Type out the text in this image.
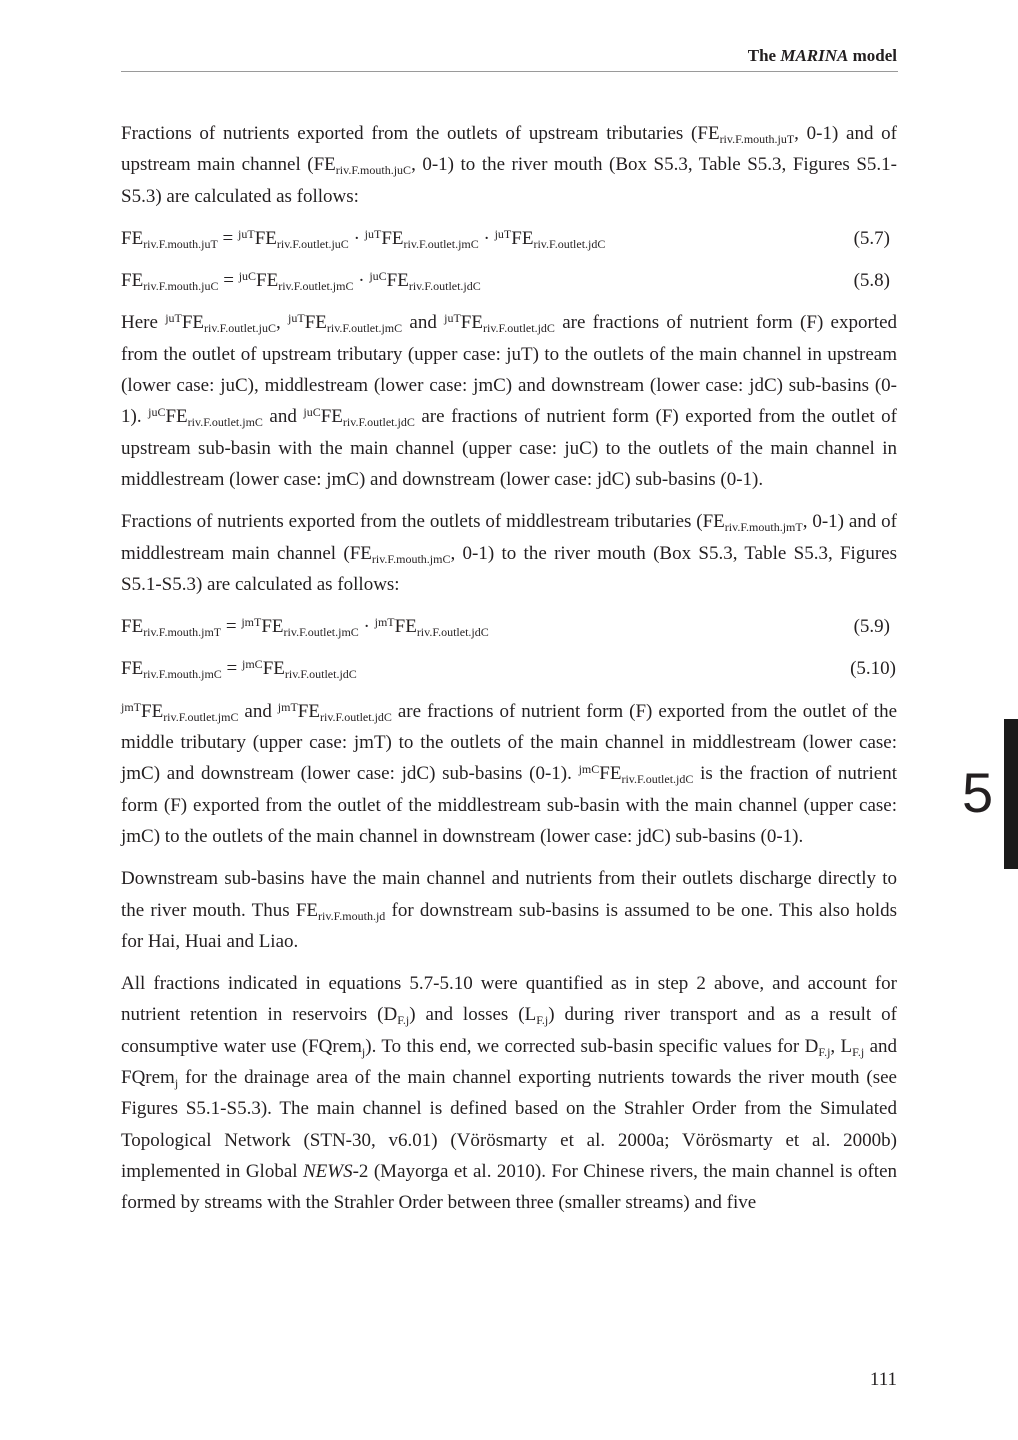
The MARINA model

Fractions of nutrients exported from the outlets of upstream tributaries ($FE_{riv.F.mouth.juT}$, 0-1) and of upstream main channel ($FE_{riv.F.mouth.juC}$, 0-1) to the river mouth (Box S5.3, Table S5.3, Figures S5.1-S5.3) are calculated as follows:

$FE_{riv.F.mouth.juT} = ^{juT}FE_{riv.F.outlet.juC} \cdot ^{juT}FE_{riv.F.outlet.jmC} \cdot ^{juT}FE_{riv.F.outlet.jdC}$	(5.7)
$FE_{riv.F.mouth.juC} = ^{juC}FE_{riv.F.outlet.jmC} \cdot ^{juC}FE_{riv.F.outlet.jdC}$	(5.8)

Here $^{juT}FE_{riv.F.outlet.juC}$, $^{juT}FE_{riv.F.outlet.jmC}$ and $^{juT}FE_{riv.F.outlet.jdC}$ are fractions of nutrient form (F) exported from the outlet of upstream tributary (upper case: juT) to the outlets of the main channel in upstream (lower case: juC), middlestream (lower case: jmC) and downstream (lower case: jdC) sub-basins (0-1). $^{juC}FE_{riv.F.outlet.jmC}$ and $^{juC}FE_{riv.F.outlet.jdC}$ are fractions of nutrient form (F) exported from the outlet of upstream sub-basin with the main channel (upper case: juC) to the outlets of the main channel in middlestream (lower case: jmC) and downstream (lower case: jdC) sub-basins (0-1).

Fractions of nutrients exported from the outlets of middlestream tributaries ($FE_{riv.F.mouth.jmT}$, 0-1) and of middlestream main channel ($FE_{riv.F.mouth.jmC}$, 0-1) to the river mouth (Box S5.3, Table S5.3, Figures S5.1-S5.3) are calculated as follows:

$FE_{riv.F.mouth.jmT} = ^{jmT}FE_{riv.F.outlet.jmC} \cdot ^{jmT}FE_{riv.F.outlet.jdC}$	(5.9)
$FE_{riv.F.mouth.jmC} = ^{jmC}FE_{riv.F.outlet.jdC}$	(5.10)

$^{jmT}FE_{riv.F.outlet.jmC}$ and $^{jmT}FE_{riv.F.outlet.jdC}$ are fractions of nutrient form (F) exported from the outlet of the middle tributary (upper case: jmT) to the outlets of the main channel in middlestream (lower case: jmC) and downstream (lower case: jdC) sub-basins (0-1). $^{jmC}FE_{riv.F.outlet.jdC}$ is the fraction of nutrient form (F) exported from the outlet of the middlestream sub-basin with the main channel (upper case: jmC) to the outlets of the main channel in downstream (lower case: jdC) sub-basins (0-1).

Downstream sub-basins have the main channel and nutrients from their outlets discharge directly to the river mouth. Thus $FE_{riv.F.mouth.jd}$ for downstream sub-basins is assumed to be one. This also holds for Hai, Huai and Liao.

All fractions indicated in equations 5.7-5.10 were quantified as in step 2 above, and account for nutrient retention in reservoirs $(D_{F.j})$ and losses $(L_{F.j})$ during river transport and as a result of consumptive water use (FQrem$_j$). To this end, we corrected sub-basin specific values for $D_{F.j}$, $L_{F.j}$ and FQrem$_j$ for the drainage area of the main channel exporting nutrients towards the river mouth (see Figures S5.1-S5.3). The main channel is defined based on the Strahler Order from the Simulated Topological Network (STN-30, v6.01) (Vörösmarty et al. 2000a; Vörösmarty et al. 2000b) implemented in Global NEWS-2 (Mayorga et al. 2010). For Chinese rivers, the main channel is often formed by streams with the Strahler Order between three (smaller streams) and five

5
111
